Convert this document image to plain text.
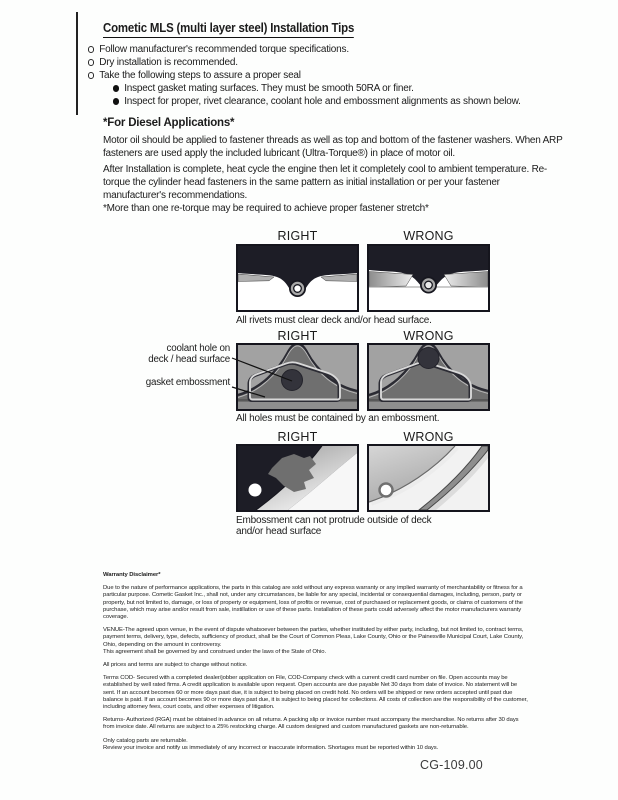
Cometic MLS (multi layer steel) Installation Tips
Follow manufacturer's recommended torque specifications.
Dry installation is recommended.
Take the following steps to assure a proper seal
Inspect gasket mating surfaces. They must be smooth 50RA or finer.
Inspect for proper, rivet clearance, coolant hole and embossment alignments as shown below.
*For Diesel Applications*
Motor oil should be applied to fastener threads as well as top and bottom of the fastener washers. When ARP fasteners are used apply the included lubricant (Ultra-Torque®) in place of motor oil.
After Installation is complete, heat cycle the engine then let it completely cool to ambient temperature. Re-torque the cylinder head fasteners in the same pattern as initial installation or per your fastener manufacturer's recommendations.
*More than one re-torque may be required to achieve proper fastener stretch*
RIGHT	WRONG
All rivets must clear deck and/or head surface.
RIGHT	WRONG
All holes must be contained by an embossment.
coolant hole on
deck / head surface
gasket embossment
RIGHT	WRONG
Embossment can not protrude outside of deck
and/or head surface
Warranty Disclaimer*
Due to the nature of performance applications, the parts in this catalog are sold without any express warranty or any implied warranty of merchantability or fitness for a particular purpose. Cometic Gasket Inc., shall not, under any circumstances, be liable for any special, incidental or consequential damages, including, person, party or property, but not limited to, damage, or loss of property or equipment, loss of profits or revenue, cost of purchased or replacement goods, or claims of customers of the purchase, which may arise and/or result from sale, instillation or use of these parts. Installation of these parts could adversely affect the motor manufacturers warranty coverage.
VENUE-The agreed upon venue, in the event of dispute whatsoever between the parties, whether instituted by either party, including, but not limited to, contract terms, payment terms, delivery, type, defects, sufficiency of product, shall be the Court of Common Pleas, Lake County, Ohio or the Painesville Municipal Court, Lake County, Ohio, depending on the amount in controversy.
This agreement shall be governed by and construed under the laws of the State of Ohio.
All prices and terms are subject to change without notice.
Terms COD- Secured with a completed dealer/jobber application on File, COD-Company check with a current credit card number on file. Open accounts may be established by well rated firms. A credit application is available upon request. Open accounts are due payable Net 30 days from date of invoice. No statement will be sent. If an account becomes 60 or more days past due, it is subject to being placed on credit hold. No orders will be shipped or new orders accepted until past due balance is paid. If an account becomes 90 or more days past due, it is subject to being placed for collections. All costs of collection are the responsibility of the customer, including attorney fees, court costs, and other expenses of litigation.
Returns- Authorized (RGA) must be obtained in advance on all returns. A packing slip or invoice number must accompany the merchandise. No returns after 30 days from invoice date. All returns are subject to a 25% restocking charge. All custom designed and custom manufactured gaskets are non-returnable.
Only catalog parts are returnable.
Review your invoice and notify us immediately of any incorrect or inaccurate information. Shortages must be reported within 10 days.
CG-109.00
